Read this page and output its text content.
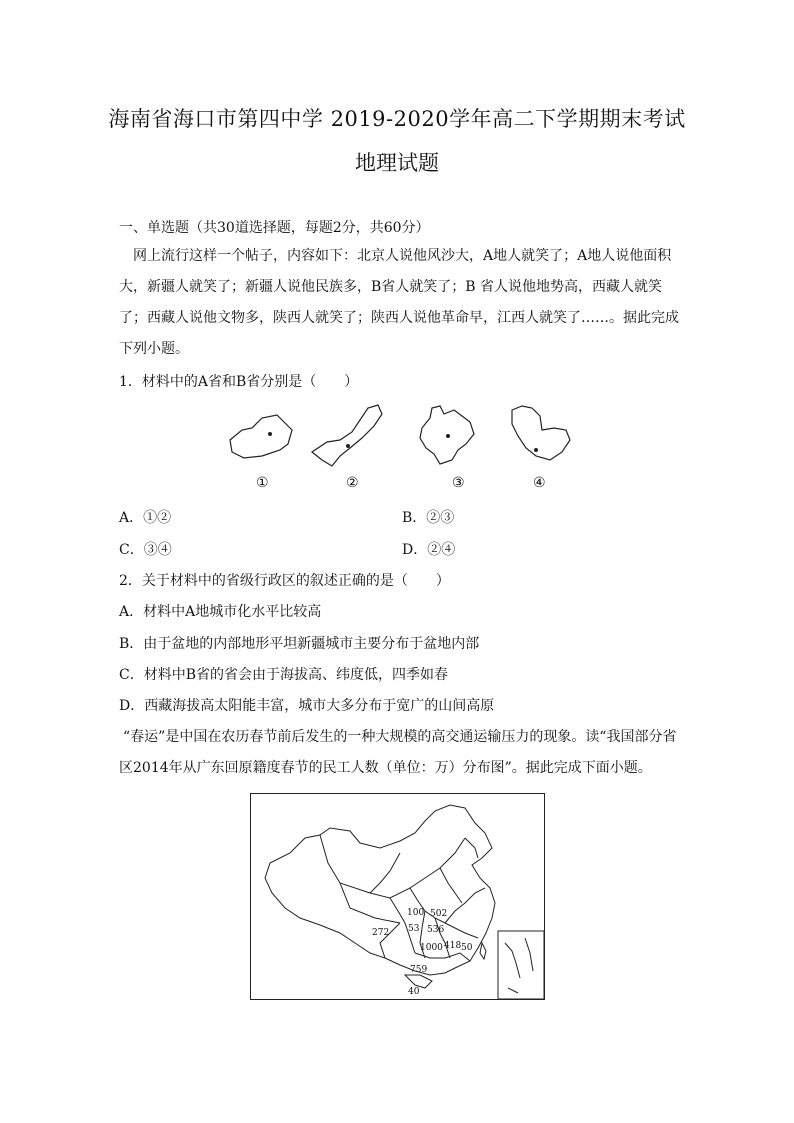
海南省海口市第四中学 2019-2020学年高二下学期期末考试
地理试题
一、单选题（共30道选择题，每题2分，共60分）
网上流行这样一个帖子，内容如下：北京人说他风沙大，A地人就笑了；A地人说他面积大，新疆人就笑了；新疆人说他民族多，B省人就笑了；B 省人说他地势高，西藏人就笑了；西藏人说他文物多，陕西人就笑了；陕西人说他革命早，江西人就笑了……。据此完成下列小题。
1．材料中的A省和B省分别是（　　）
①	②	③	④
A．①②	B．②③
C．③④	D．②④
2．关于材料中的省级行政区的叙述正确的是（　　）
A．材料中A地城市化水平比较高
B．由于盆地的内部地形平坦新疆城市主要分布于盆地内部
C．材料中B省的省会由于海拔高、纬度低，四季如春
D．西藏海拔高太阳能丰富，城市大多分布于宽广的山间高原
“春运”是中国在农历春节前后发生的一种大规模的高交通运输压力的现象。读“我国部分省区2014年从广东回原籍度春节的民工人数（单位：万）分布图”。据此完成下面小题。
100 502
272 53 536
1000 418 50
759
40
